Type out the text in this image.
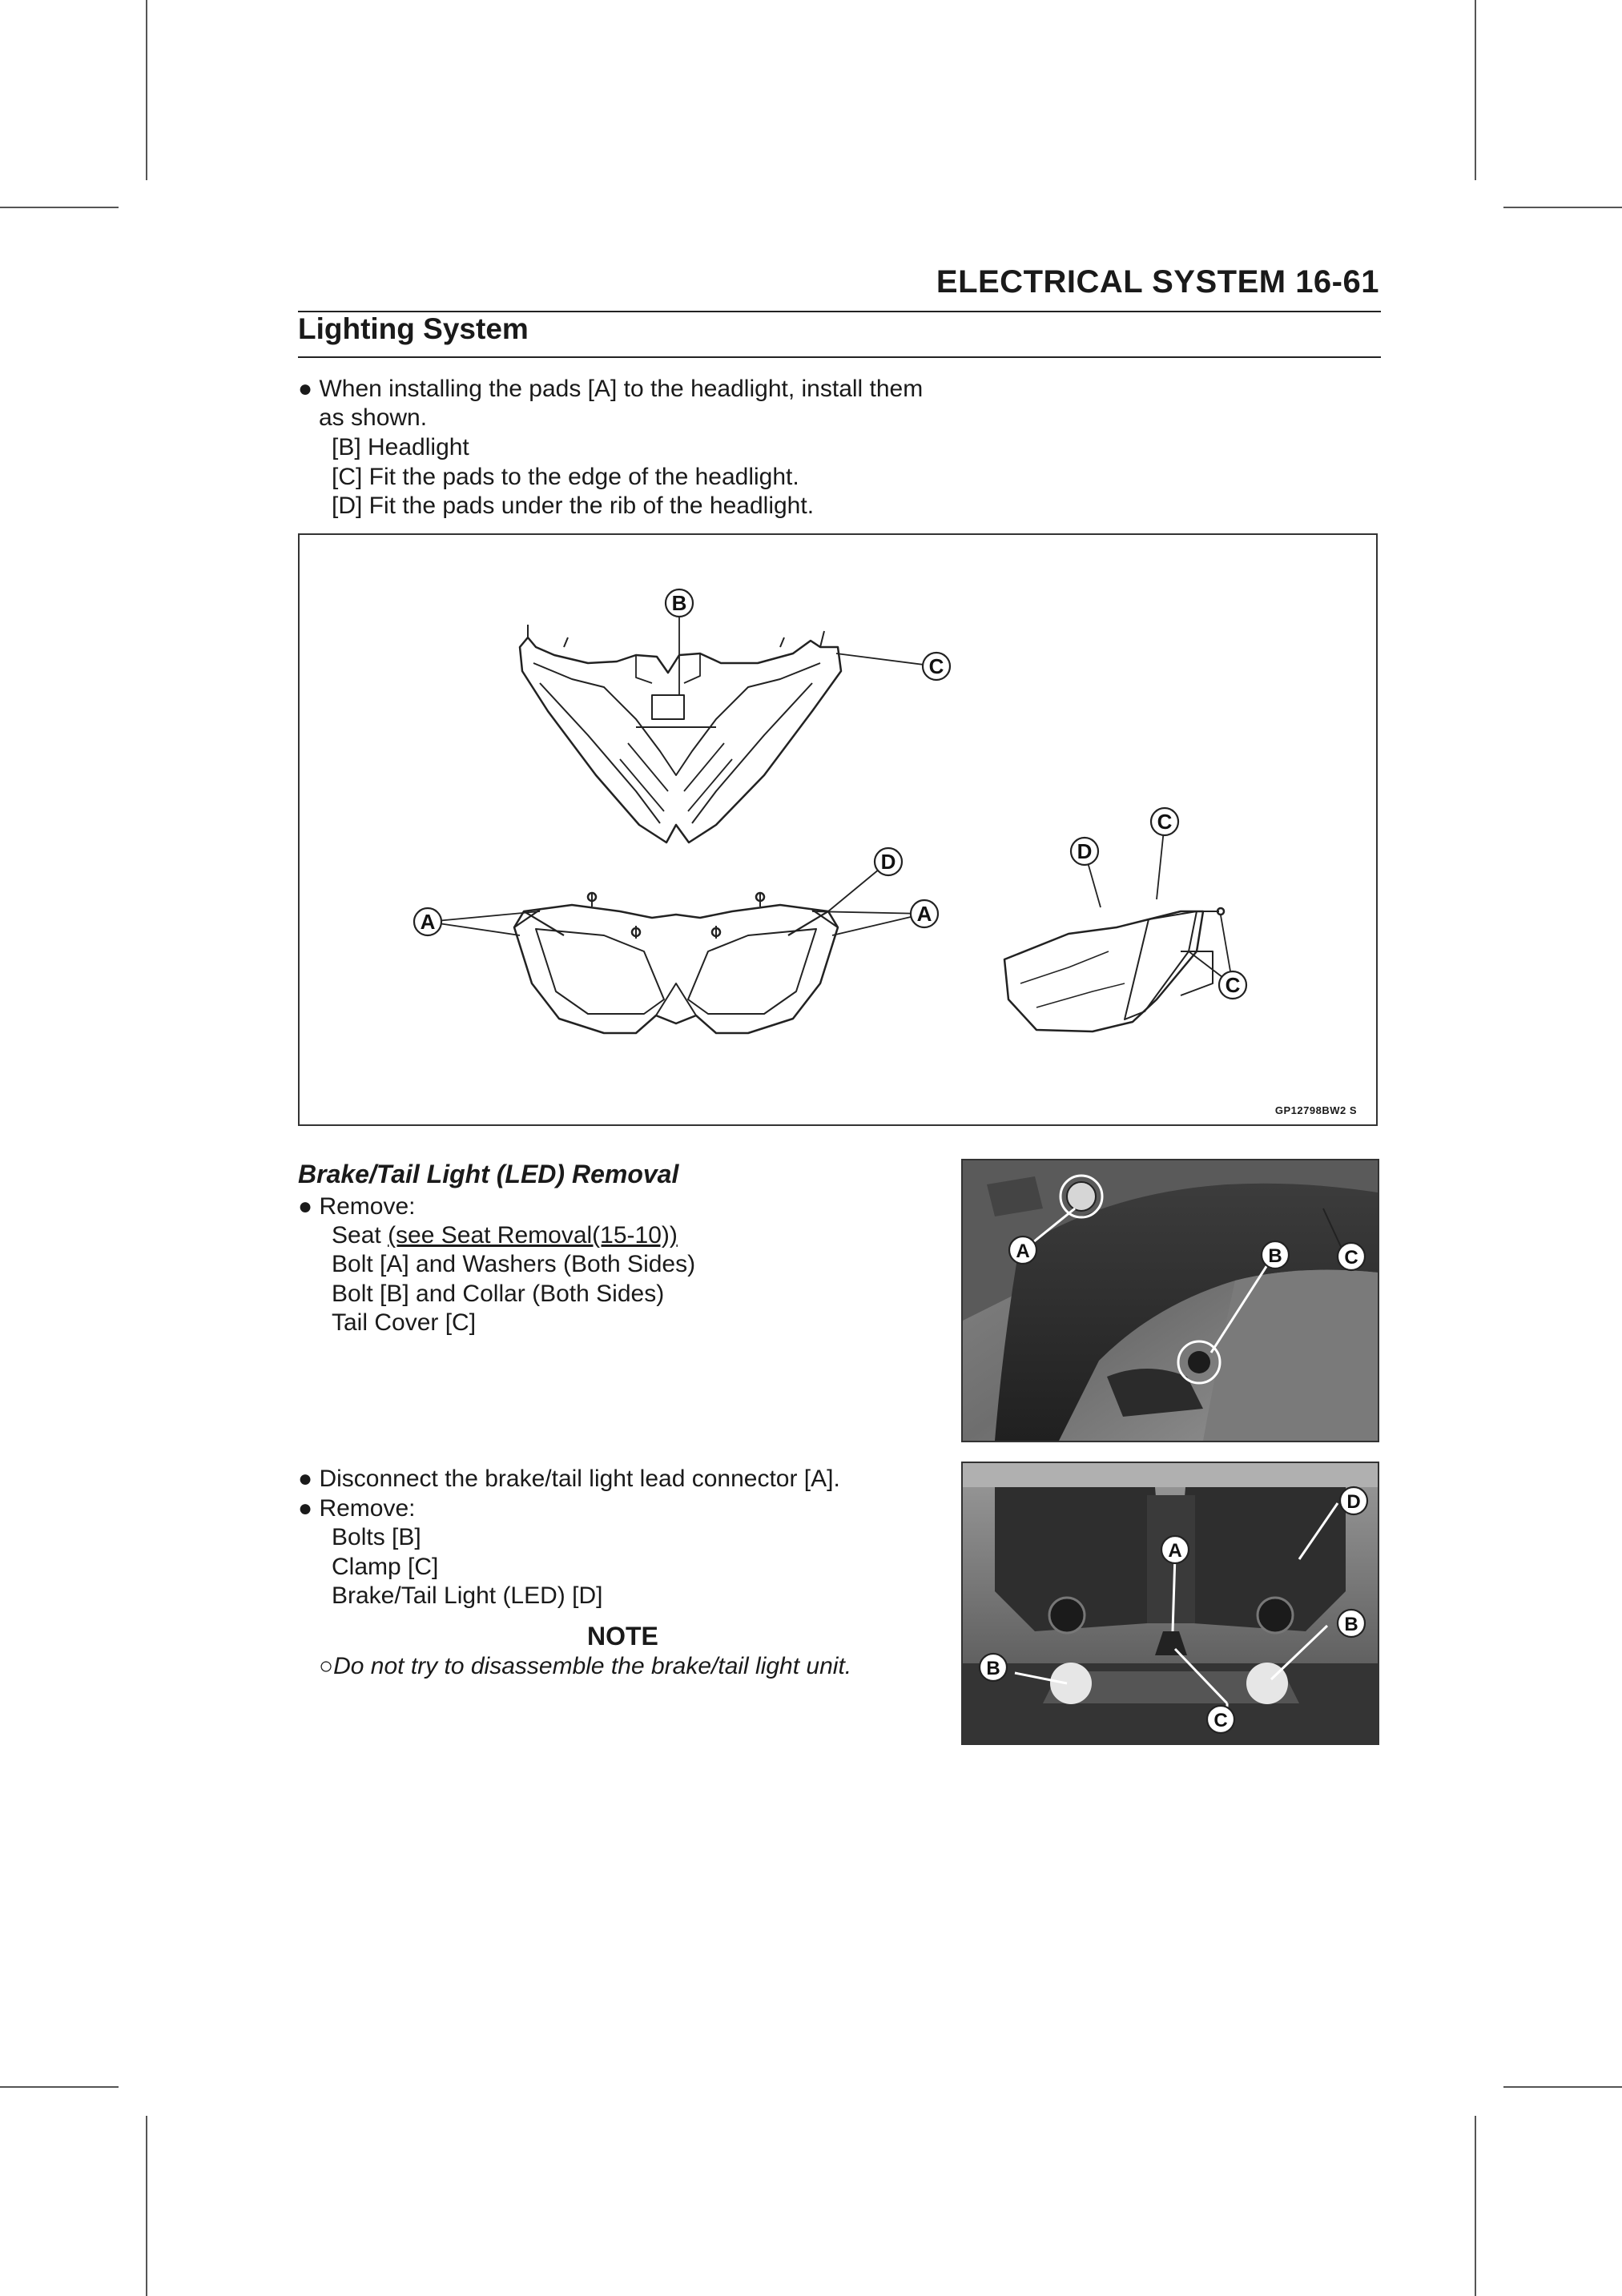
ELECTRICAL SYSTEM 16-61
Lighting System
● When installing the pads [A] to the headlight, install them
as shown.
[B] Headlight
[C] Fit the pads to the edge of the headlight.
[D] Fit the pads under the rib of the headlight.
B
C
A	A
D	D
C
C
GP12798BW2 S
Brake/Tail Light (LED) Removal
● Remove:
Seat (see Seat Removal(15-10))
Bolt [A] and Washers (Both Sides)
Bolt [B] and Collar (Both Sides)
Tail Cover [C]
A	B	C
● Disconnect the brake/tail light lead connector [A].
● Remove:
Bolts [B]
Clamp [C]
Brake/Tail Light (LED) [D]
NOTE
○Do not try to disassemble the brake/tail light unit.
A
B
B
C
D
